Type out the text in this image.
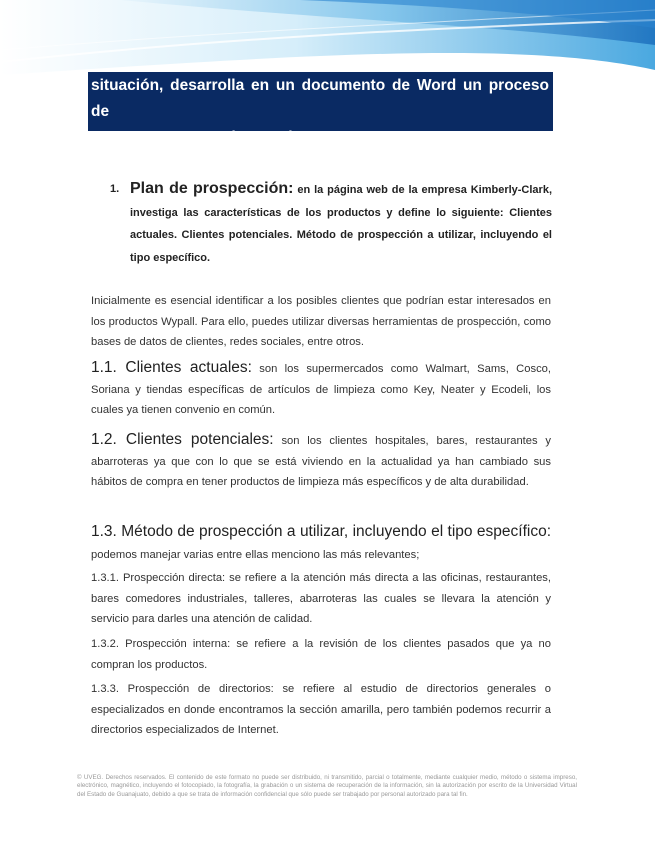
situación, desarrolla en un documento de Word un proceso de
ventas para estos dos productos.
1. Plan de prospección: en la página web de la empresa Kimberly-Clark, investiga las características de los productos y define lo siguiente: Clientes actuales. Clientes potenciales. Método de prospección a utilizar, incluyendo el tipo específico.
Inicialmente es esencial identificar a los posibles clientes que podrían estar interesados en los productos Wypall. Para ello, puedes utilizar diversas herramientas de prospección, como bases de datos de clientes, redes sociales, entre otros.
1.1. Clientes actuales: son los supermercados como Walmart, Sams, Cosco, Soriana y tiendas específicas de artículos de limpieza como Key, Neater y Ecodeli, los cuales ya tienen convenio en común.
1.2. Clientes potenciales: son los clientes hospitales, bares, restaurantes y abarroteras ya que con lo que se está viviendo en la actualidad ya han cambiado sus hábitos de compra en tener productos de limpieza más específicos y de alta durabilidad.
1.3. Método de prospección a utilizar, incluyendo el tipo específico: podemos manejar varias entre ellas menciono las más relevantes;
1.3.1. Prospección directa: se refiere a la atención más directa a las oficinas, restaurantes, bares comedores industriales, talleres, abarroteras las cuales se llevara la atención y servicio para darles una atención de calidad.
1.3.2. Prospección interna: se refiere a la revisión de los clientes pasados que ya no compran los productos.
1.3.3. Prospección de directorios: se refiere al estudio de directorios generales o especializados en donde encontramos la sección amarilla, pero también podemos recurrir a directorios especializados de Internet.
© UVEG. Derechos reservados. El contenido de este formato no puede ser distribuido, ni transmitido, parcial o totalmente, mediante cualquier medio, método o sistema impreso, electrónico, magnético, incluyendo el fotocopiado, la fotografía, la grabación o un sistema de recuperación de la información, sin la autorización por escrito de la Universidad Virtual del Estado de Guanajuato, debido a que se trata de información confidencial que sólo puede ser trabajado por personal autorizado para tal fin.
